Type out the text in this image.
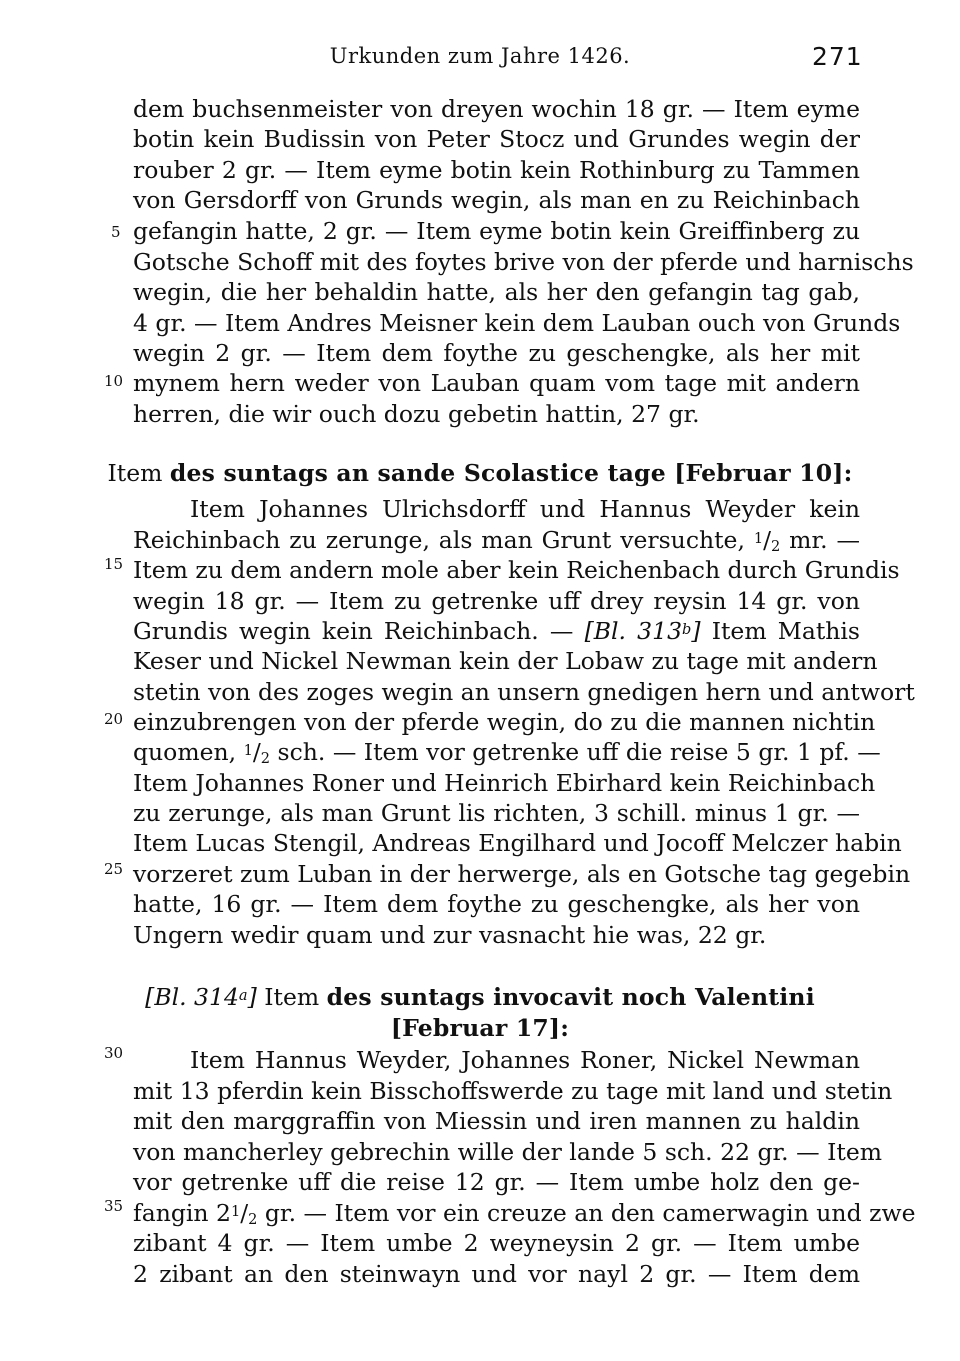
Urkunden zum Jahre 1426.	271
5
10
15
20
25
30
35
dem buchsenmeister von dreyen wochin 18 gr. — Item eyme
botin kein Budissin von Peter Stocz und Grundes wegin der
rouber 2 gr. — Item eyme botin kein Rothinburg zu Tammen
von Gersdorff von Grunds wegin, als man en zu Reichinbach
gefangin hatte, 2 gr. — Item eyme botin kein Greiffinberg zu
Gotsche Schoff mit des foytes brive von der pferde und harnischs
wegin, die her behaldin hatte, als her den gefangin tag gab,
4 gr. — Item Andres Meisner kein dem Lauban ouch von Grunds
wegin 2 gr. — Item dem foythe zu geschengke, als her mit
mynem hern weder von Lauban quam vom tage mit andern
herren, die wir ouch dozu gebetin hattin, 27 gr.
Item des suntags an sande Scolastice tage [Februar 10]:
Item Johannes Ulrichsdorff und Hannus Weyder kein
Reichinbach zu zerunge, als man Grunt versuchte, $^1/_2$ mr. —
Item zu dem andern mole aber kein Reichenbach durch Grundis
wegin 18 gr. — Item zu getrenke uff drey reysin 14 gr. von
Grundis wegin kein Reichinbach. — [Bl. 313$^b$] Item Mathis
Keser und Nickel Newman kein der Lobaw zu tage mit andern
stetin von des zoges wegin an unsern gnedigen hern und antwort
einzubrengen von der pferde wegin, do zu die mannen nichtin
quomen, $^1/_2$ sch. — Item vor getrenke uff die reise 5 gr. 1 pf. —
Item Johannes Roner und Heinrich Ebirhard kein Reichinbach
zu zerunge, als man Grunt lis richten, 3 schill. minus 1 gr. —
Item Lucas Stengil, Andreas Engilhard und Jocoff Melczer habin
vorzeret zum Luban in der herwerge, als en Gotsche tag gegebin
hatte, 16 gr. — Item dem foythe zu geschengke, als her von
Ungern wedir quam und zur vasnacht hie was, 22 gr.
[Bl. 314$^a$] Item des suntags invocavit noch Valentini
[Februar 17]:
Item Hannus Weyder, Johannes Roner, Nickel Newman
mit 13 pferdin kein Bisschoffswerde zu tage mit land und stetin
mit den marggraffin von Miessin und iren mannen zu haldin
von mancherley gebrechin wille der lande 5 sch. 22 gr. — Item
vor getrenke uff die reise 12 gr. — Item umbe holz den ge-
fangin $2^1/_2$ gr. — Item vor ein creuze an den camerwagin und zwe
zibant 4 gr. — Item umbe 2 weyneysin 2 gr. — Item umbe
2 zibant an den steinwayn und vor nayl 2 gr. — Item dem
